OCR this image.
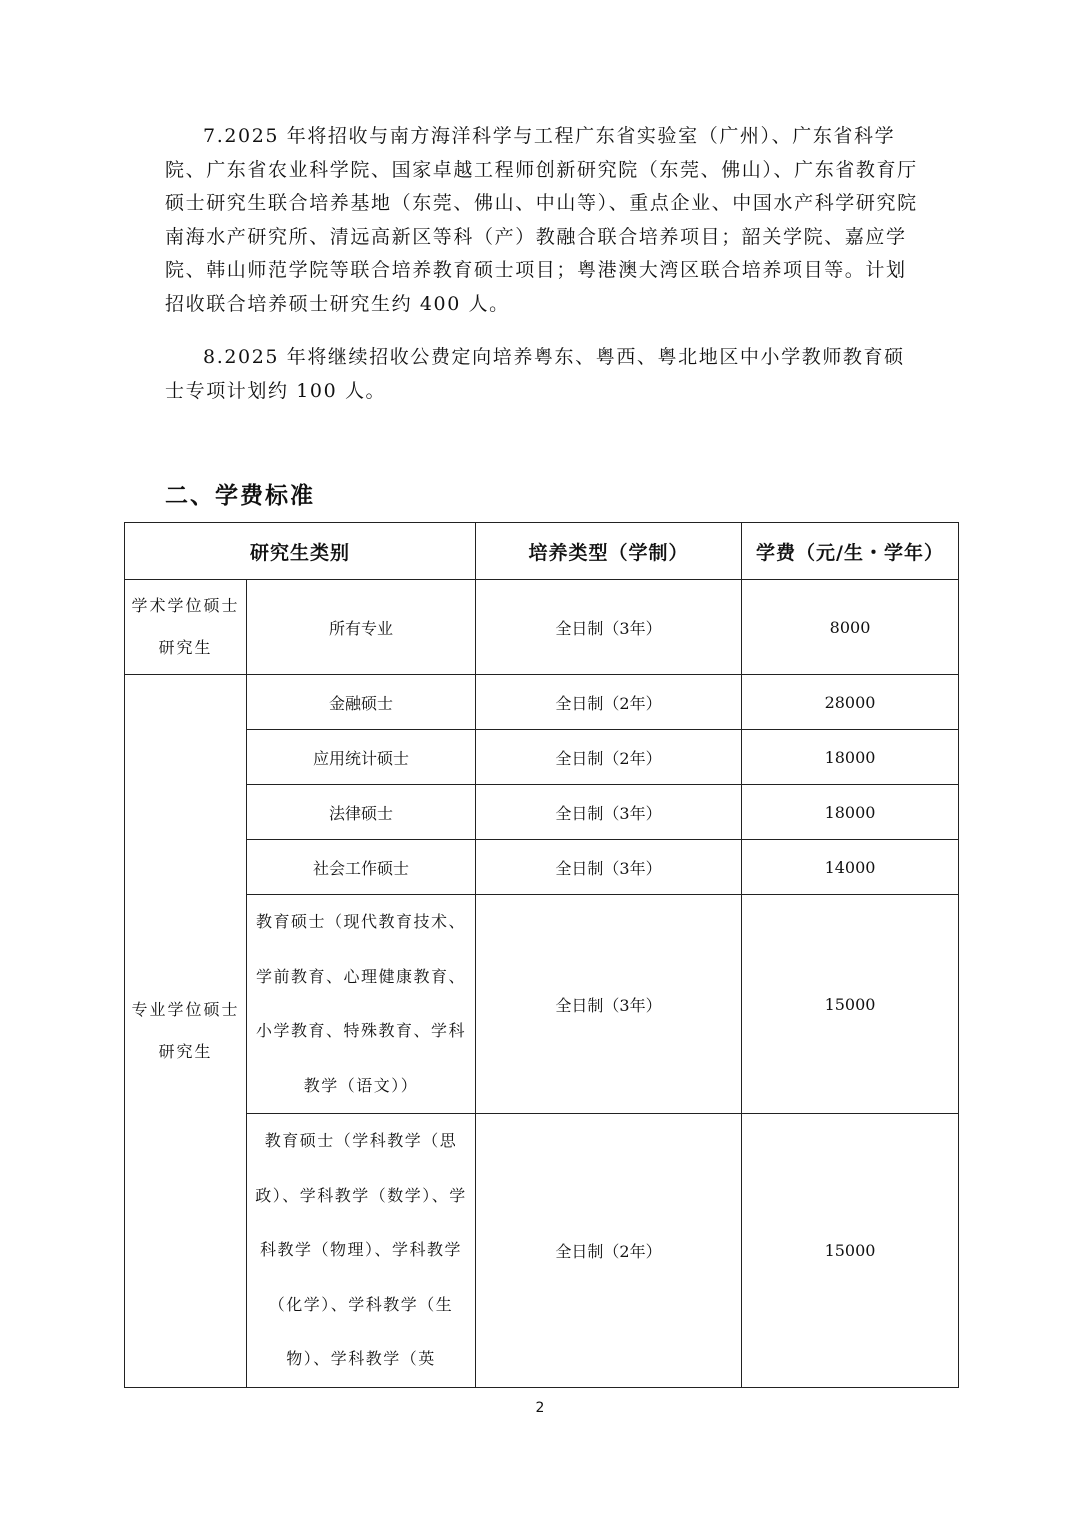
7.2025 年将招收与南方海洋科学与工程广东省实验室（广州）、广东省科学院、广东省农业科学院、国家卓越工程师创新研究院（东莞、佛山）、广东省教育厅硕士研究生联合培养基地（东莞、佛山、中山等）、重点企业、中国水产科学研究院南海水产研究所、清远高新区等科（产）教融合联合培养项目；韶关学院、嘉应学院、韩山师范学院等联合培养教育硕士项目；粤港澳大湾区联合培养项目等。计划招收联合培养硕士研究生约 400 人。

8.2025 年将继续招收公费定向培养粤东、粤西、粤北地区中小学教师教育硕士专项计划约 100 人。

二、学费标准
研究生类别		培养类型（学制）	学费（元/生・学年）
学术学位硕士研究生	所有专业	全日制（3年）	8000
专业学位硕士研究生	金融硕士	全日制（2年）	28000
	应用统计硕士	全日制（2年）	18000
	法律硕士	全日制（3年）	18000
	社会工作硕士	全日制（3年）	14000
	教育硕士（现代教育技术、学前教育、心理健康教育、小学教育、特殊教育、学科教学（语文））	全日制（3年）	15000
	教育硕士（学科教学（思政）、学科教学（数学）、学科教学（物理）、学科教学（化学）、学科教学（生物）、学科教学（英	全日制（2年）	15000
2
